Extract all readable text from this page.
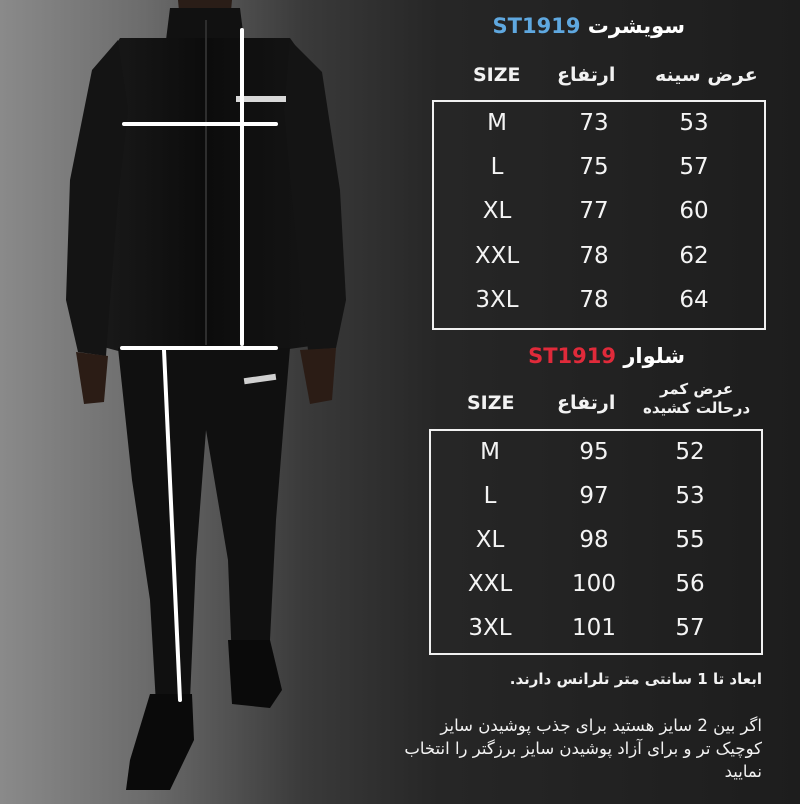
سویشرت ST1919
SIZE ارتفاع عرض سینه
M	73	53
L	75	57
XL	77	60
XXL	78	62
3XL	78	64
شلوار ST1919
SIZE ارتفاع
عرض کمر
درحالت کشیده
M	95	52
L	97	53
XL	98	55
XXL	100	56
3XL	101	57
ابعاد تا 1 سانتی متر تلرانس دارند.
اگر بین 2 سایز هستید برای جذب پوشیدن سایز کوچیک تر و برای آزاد پوشیدن سایز برزگتر را انتخاب نمایید
